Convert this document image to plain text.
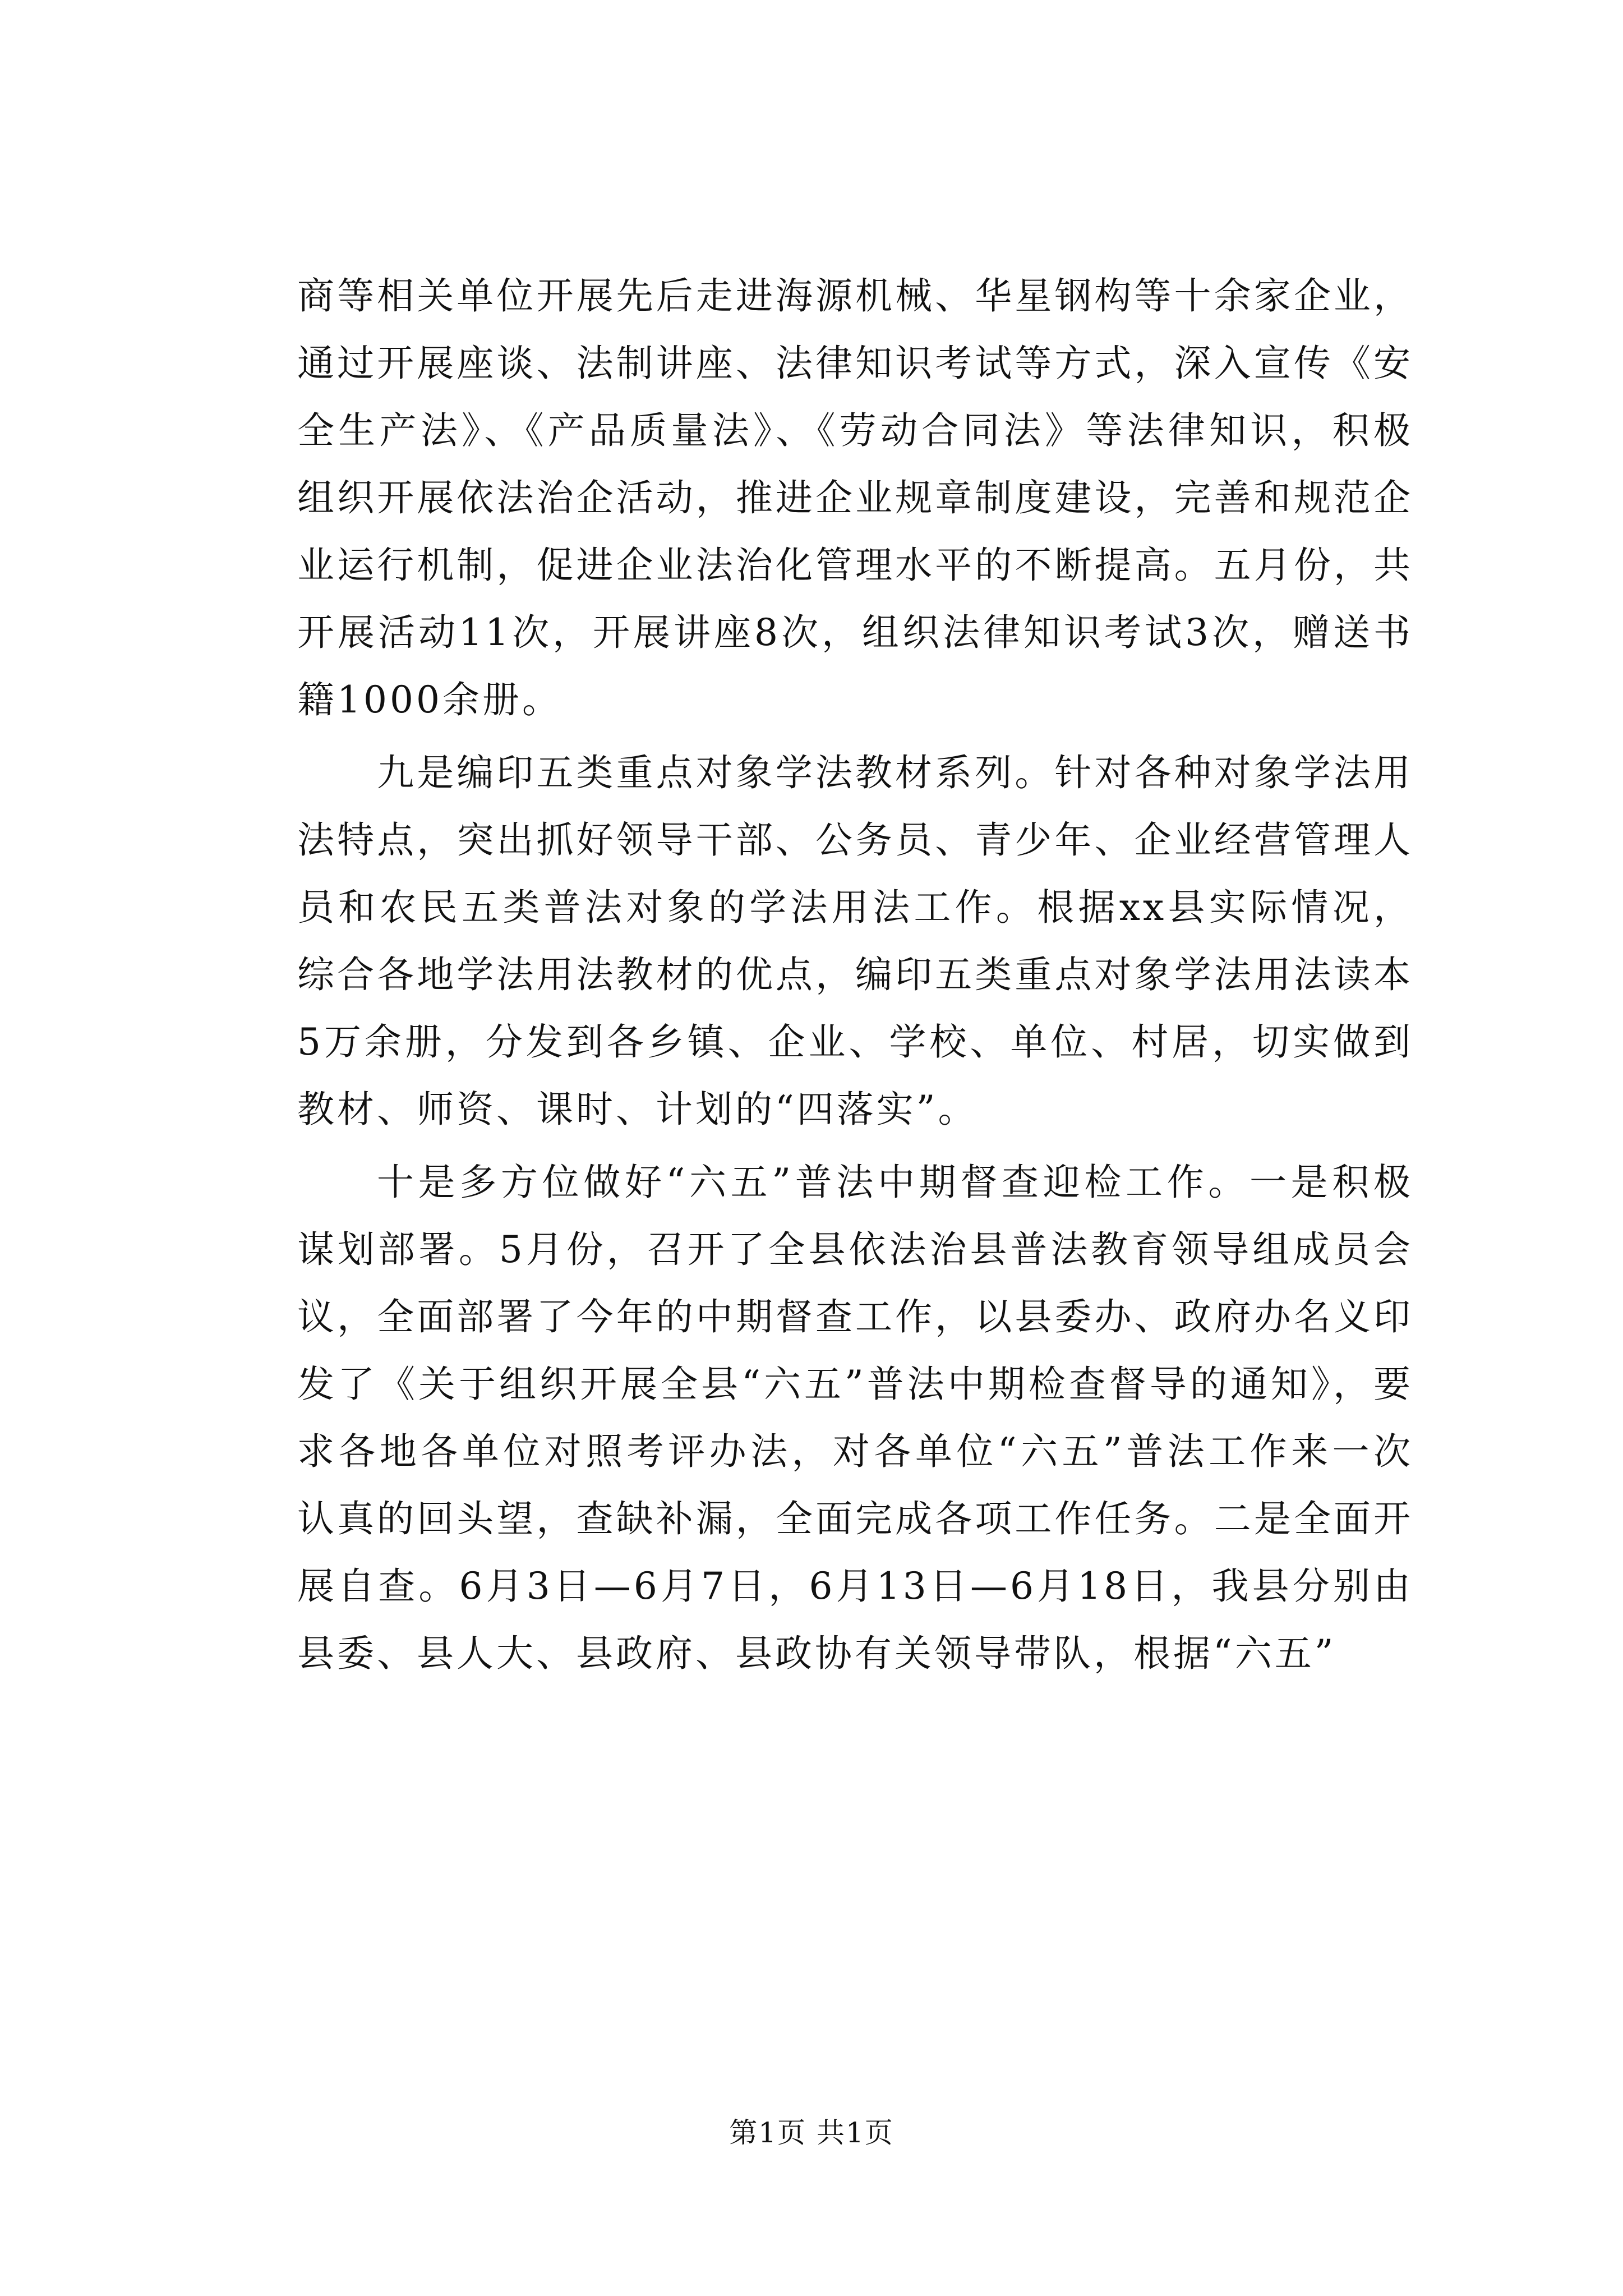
商等相关单位开展先后走进海源机械、华星钢构等十余家企业，通过开展座谈、法制讲座、法律知识考试等方式，深入宣传《安全生产法》、《产品质量法》、《劳动合同法》等法律知识，积极组织开展依法治企活动，推进企业规章制度建设，完善和规范企业运行机制，促进企业法治化管理水平的不断提高。五月份，共开展活动11次，开展讲座8次，组织法律知识考试3次，赠送书籍1000余册。

九是编印五类重点对象学法教材系列。针对各种对象学法用法特点，突出抓好领导干部、公务员、青少年、企业经营管理人员和农民五类普法对象的学法用法工作。根据xx县实际情况，综合各地学法用法教材的优点，编印五类重点对象学法用法读本5万余册，分发到各乡镇、企业、学校、单位、村居，切实做到教材、师资、课时、计划的“四落实”。

十是多方位做好“六五”普法中期督查迎检工作。一是积极谋划部署。5月份，召开了全县依法治县普法教育领导组成员会议，全面部署了今年的中期督查工作，以县委办、政府办名义印发了《关于组织开展全县“六五”普法中期检查督导的通知》，要求各地各单位对照考评办法，对各单位“六五”普法工作来一次认真的回头望，查缺补漏，全面完成各项工作任务。二是全面开展自查。6月3日—6月7日，6月13日—6月18日，我县分别由县委、县人大、县政府、县政协有关领导带队，根据“六五”

第1页 共1页
